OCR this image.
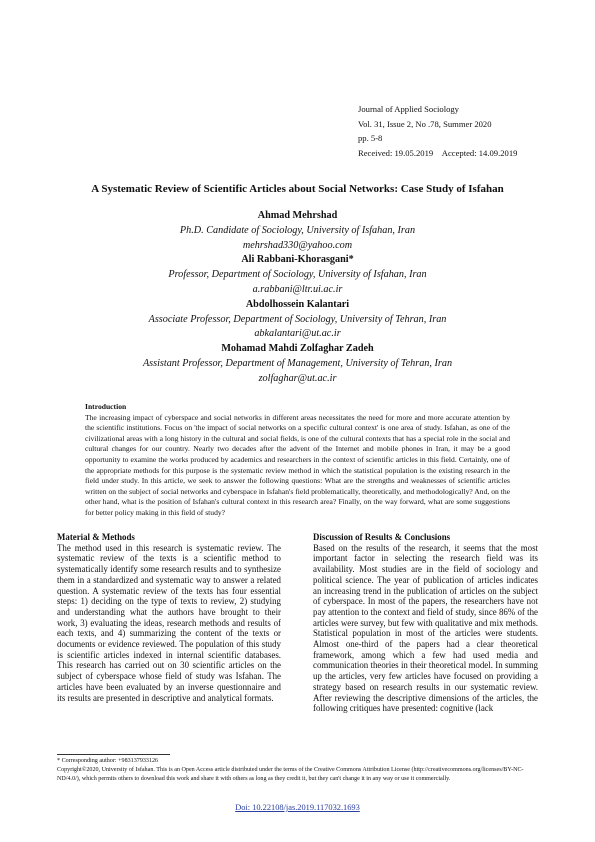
Journal of Applied Sociology
Vol. 31, Issue 2, No .78, Summer 2020
pp. 5-8
Received: 19.05.2019 Accepted: 14.09.2019
A Systematic Review of Scientific Articles about Social Networks: Case Study of Isfahan
Ahmad Mehrshad
Ph.D. Candidate of Sociology, University of Isfahan, Iran
mehrshad330@yahoo.com
Ali Rabbani-Khorasgani*
Professor, Department of Sociology, University of Isfahan, Iran
a.rabbani@ltr.ui.ac.ir
Abdolhossein Kalantari
Associate Professor, Department of Sociology, University of Tehran, Iran
abkalantari@ut.ac.ir
Mohamad Mahdi Zolfaghar Zadeh
Assistant Professor, Department of Management, University of Tehran, Iran
zolfaghar@ut.ac.ir
Introduction
The increasing impact of cyberspace and social networks in different areas necessitates the need for more and more accurate attention by the scientific institutions. Focus on 'the impact of social networks on a specific cultural context' is one area of study. Isfahan, as one of the civilizational areas with a long history in the cultural and social fields, is one of the cultural contexts that has a special role in the social and cultural changes for our country. Nearly two decades after the advent of the Internet and mobile phones in Iran, it may be a good opportunity to examine the works produced by academics and researchers in the context of scientific articles in this field. Certainly, one of the appropriate methods for this purpose is the systematic review method in which the statistical population is the existing research in the field under study. In this article, we seek to answer the following questions: What are the strengths and weaknesses of scientific articles written on the subject of social networks and cyberspace in Isfahan's field problematically, theoretically, and methodologically? And, on the other hand, what is the position of Isfahan's cultural context in this research area? Finally, on the way forward, what are some suggestions for better policy making in this field of study?
Material & Methods
The method used in this research is systematic review. The systematic review of the texts is a scientific method to systematically identify some research results and to synthesize them in a standardized and systematic way to answer a related question. A systematic review of the texts has four essential steps: 1) deciding on the type of texts to review, 2) studying and understanding what the authors have brought to their work, 3) evaluating the ideas, research methods and results of each texts, and 4) summarizing the content of the texts or documents or evidence reviewed. The population of this study is scientific articles indexed in internal scientific databases. This research has carried out on 30 scientific articles on the subject of cyberspace whose field of study was Isfahan. The articles have been evaluated by an inverse questionnaire and its results are presented in descriptive and analytical formats.
Discussion of Results & Conclusions
Based on the results of the research, it seems that the most important factor in selecting the research field was its availability. Most studies are in the field of sociology and political science. The year of publication of articles indicates an increasing trend in the publication of articles on the subject of cyberspace. In most of the papers, the researchers have not pay attention to the context and field of study, since 86% of the articles were survey, but few with qualitative and mix methods. Statistical population in most of the articles were students. Almost one-third of the papers had a clear theoretical framework, among which a few had used media and communication theories in their theoretical model. In summing up the articles, very few articles have focused on providing a strategy based on research results in our systematic review. After reviewing the descriptive dimensions of the articles, the following critiques have presented: cognitive (lack
* Corresponding author: +983137933126
Copyright©2020, University of Isfahan. This is an Open Access article distributed under the terms of the Creative Commons Attribution License (http://creativecommons.org/licenses/BY-NC-ND/4.0/), which permits others to download this work and share it with others as long as they credit it, but they can't change it in any way or use it commercially.
Doi: 10.22108/jas.2019.117032.1693
